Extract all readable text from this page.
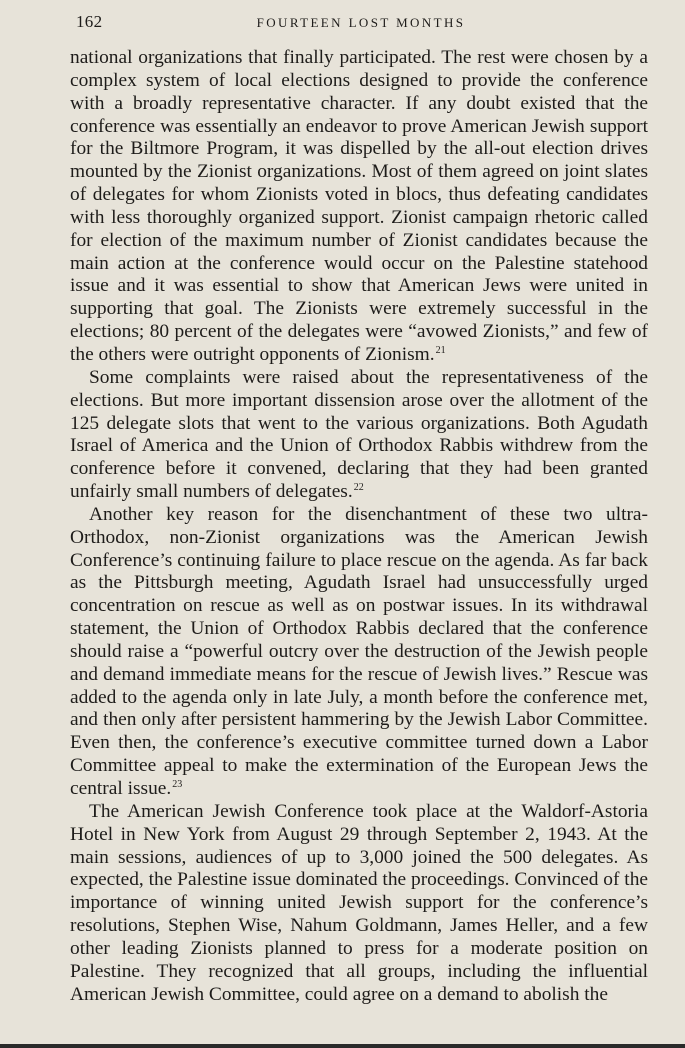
162	FOURTEEN LOST MONTHS

national organizations that finally participated. The rest were chosen by a complex system of local elections designed to provide the conference with a broadly representative character. If any doubt existed that the conference was essentially an endeavor to prove American Jewish support for the Biltmore Program, it was dispelled by the all-out election drives mounted by the Zionist organizations. Most of them agreed on joint slates of delegates for whom Zionists voted in blocs, thus defeating candidates with less thoroughly organized support. Zionist campaign rhetoric called for election of the maximum number of Zionist candidates because the main action at the conference would occur on the Palestine statehood issue and it was essential to show that American Jews were united in supporting that goal. The Zionists were extremely successful in the elections; 80 percent of the delegates were “avowed Zionists,” and few of the others were outright opponents of Zionism.$^{21}$

Some complaints were raised about the representativeness of the elections. But more important dissension arose over the allotment of the 125 delegate slots that went to the various organizations. Both Agudath Israel of America and the Union of Orthodox Rabbis withdrew from the conference before it convened, declaring that they had been granted unfairly small numbers of delegates.$^{22}$

Another key reason for the disenchantment of these two ultra-Orthodox, non-Zionist organizations was the American Jewish Conference’s continuing failure to place rescue on the agenda. As far back as the Pittsburgh meeting, Agudath Israel had unsuccessfully urged concentration on rescue as well as on postwar issues. In its withdrawal statement, the Union of Orthodox Rabbis declared that the conference should raise a “powerful outcry over the destruction of the Jewish people and demand immediate means for the rescue of Jewish lives.” Rescue was added to the agenda only in late July, a month before the conference met, and then only after persistent hammering by the Jewish Labor Committee. Even then, the conference’s executive committee turned down a Labor Committee appeal to make the extermination of the European Jews the central issue.$^{23}$

The American Jewish Conference took place at the Waldorf-Astoria Hotel in New York from August 29 through September 2, 1943. At the main sessions, audiences of up to 3,000 joined the 500 delegates. As expected, the Palestine issue dominated the proceedings. Convinced of the importance of winning united Jewish support for the conference’s resolutions, Stephen Wise, Nahum Goldmann, James Heller, and a few other leading Zionists planned to press for a moderate position on Palestine. They recognized that all groups, including the influential American Jewish Committee, could agree on a demand to abolish the
